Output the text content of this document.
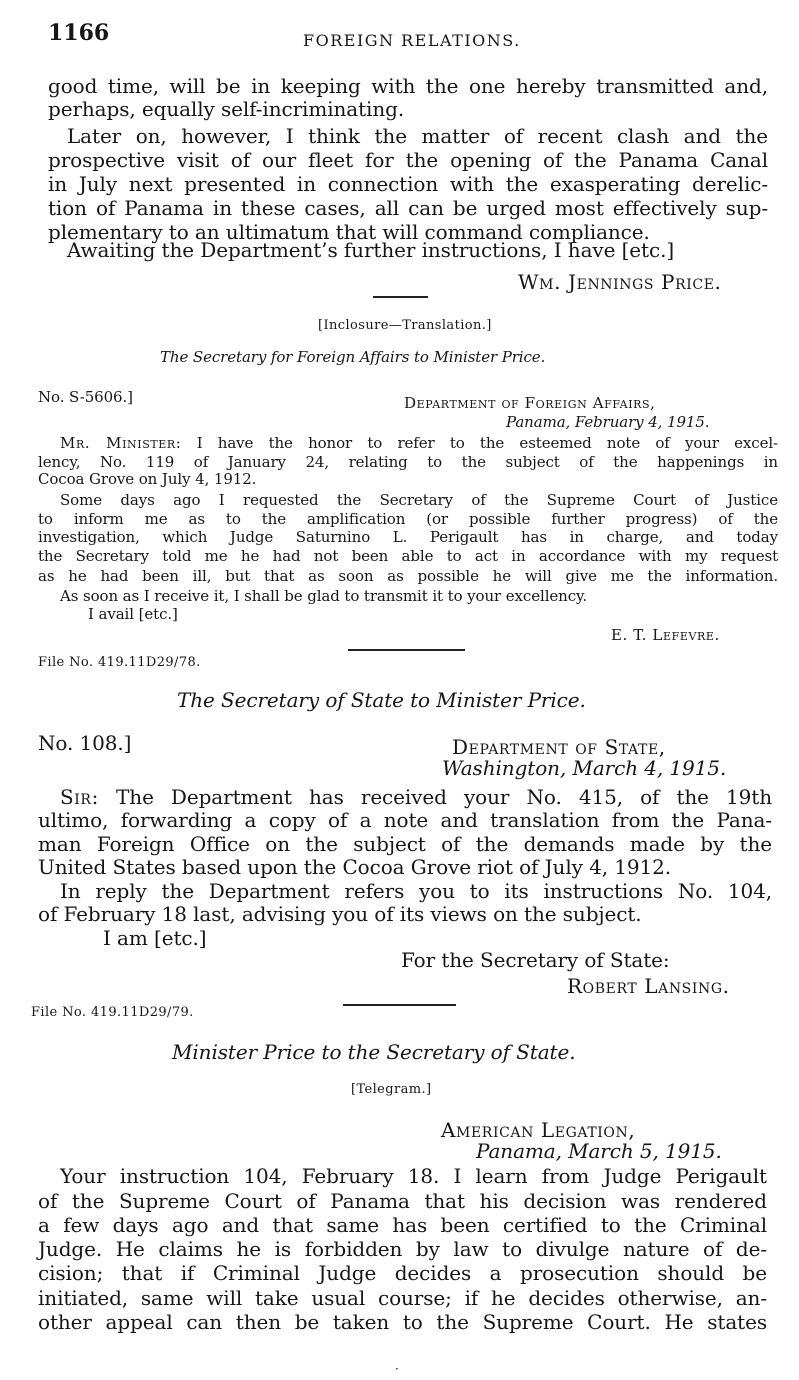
1166	FOREIGN RELATIONS.
good time, will be in keeping with the one hereby transmitted and,
perhaps, equally self-incriminating.
Later on, however, I think the matter of recent clash and the
prospective visit of our fleet for the opening of the Panama Canal
in July next presented in connection with the exasperating derelic-
tion of Panama in these cases, all can be urged most effectively sup-
plementary to an ultimatum that will command compliance.
Awaiting the Department’s further instructions, I have [etc.]
Wm. Jennings Price.
[Inclosure—Translation.]
The Secretary for Foreign Affairs to Minister Price.
No. S-5606.]	Department of Foreign Affairs,
Panama, February 4, 1915.
Mr. Minister: I have the honor to refer to the esteemed note of your excel-
lency, No. 119 of January 24, relating to the subject of the happenings in
Cocoa Grove on July 4, 1912.
Some days ago I requested the Secretary of the Supreme Court of Justice
to inform me as to the amplification (or possible further progress) of the
investigation, which Judge Saturnino L. Perigault has in charge, and today
the Secretary told me he had not been able to act in accordance with my request
as he had been ill, but that as soon as possible he will give me the information.
As soon as I receive it, I shall be glad to transmit it to your excellency.
I avail [etc.]
E. T. Lefevre.
File No. 419.11D29/78.
The Secretary of State to Minister Price.
No. 108.]	Department of State,
Washington, March 4, 1915.
Sir: The Department has received your No. 415, of the 19th
ultimo, forwarding a copy of a note and translation from the Pana-
man Foreign Office on the subject of the demands made by the
United States based upon the Cocoa Grove riot of July 4, 1912.
In reply the Department refers you to its instructions No. 104,
of February 18 last, advising you of its views on the subject.
I am [etc.]
For the Secretary of State:
Robert Lansing.
File No. 419.11D29/79.
Minister Price to the Secretary of State.
[Telegram.]
American Legation,
Panama, March 5, 1915.
Your instruction 104, February 18. I learn from Judge Perigault
of the Supreme Court of Panama that his decision was rendered
a few days ago and that same has been certified to the Criminal
Judge. He claims he is forbidden by law to divulge nature of de-
cision; that if Criminal Judge decides a prosecution should be
initiated, same will take usual course; if he decides otherwise, an-
other appeal can then be taken to the Supreme Court. He states
·
